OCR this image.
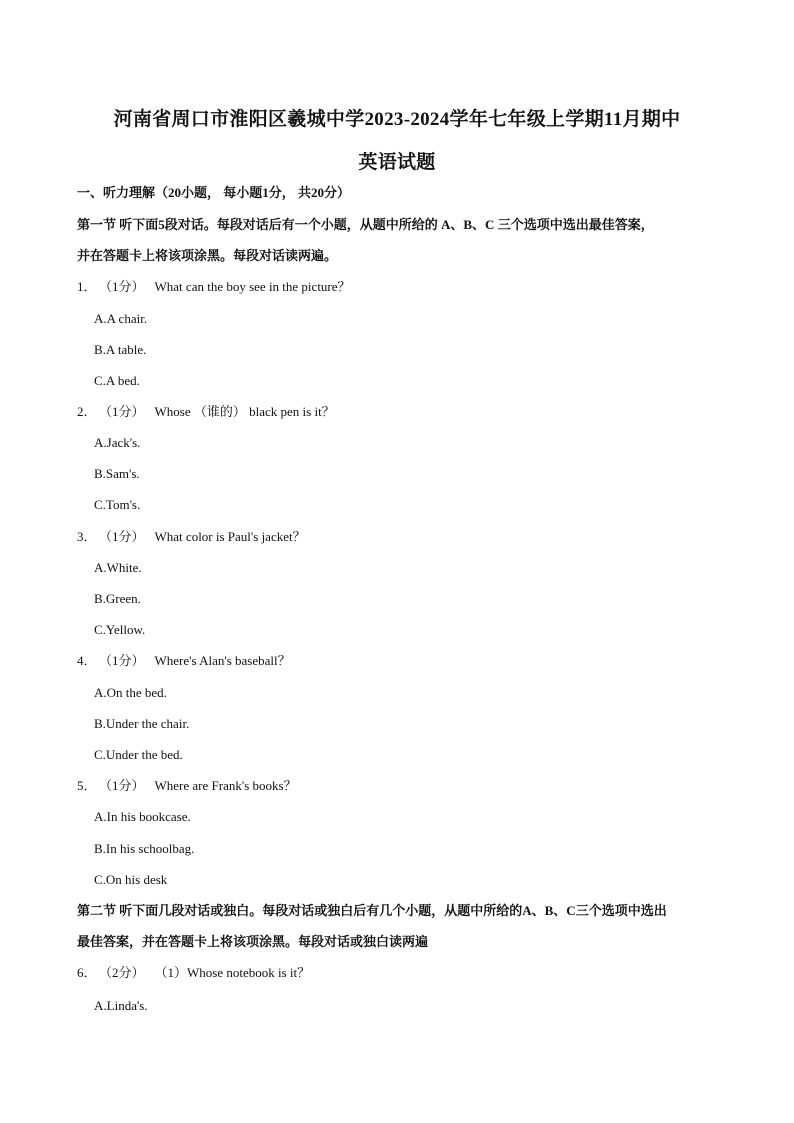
河南省周口市淮阳区羲城中学2023-2024学年七年级上学期11月期中
英语试题
一、听力理解（20小题， 每小题1分， 共20分）
第一节 听下面5段对话。每段对话后有一个小题，从题中所给的 A、B、C 三个选项中选出最佳答案，
并在答题卡上将该项涂黑。每段对话读两遍。
1． （1分） What can the boy see in the picture？
A.A chair.
B.A table.
C.A bed.
2． （1分） Whose （谁的） black pen is it？
A.Jack's.
B.Sam's.
C.Tom's.
3． （1分） What color is Paul's jacket？
A.White.
B.Green.
C.Yellow.
4． （1分） Where's Alan's baseball？
A.On the bed.
B.Under the chair.
C.Under the bed.
5． （1分） Where are Frank's books？
A.In his bookcase.
B.In his schoolbag.
C.On his desk
第二节 听下面几段对话或独白。每段对话或独白后有几个小题，从题中所给的A、B、C三个选项中选出
最佳答案，并在答题卡上将该项涂黑。每段对话或独白读两遍
6． （2分） （1）Whose notebook is it？
A.Linda's.
